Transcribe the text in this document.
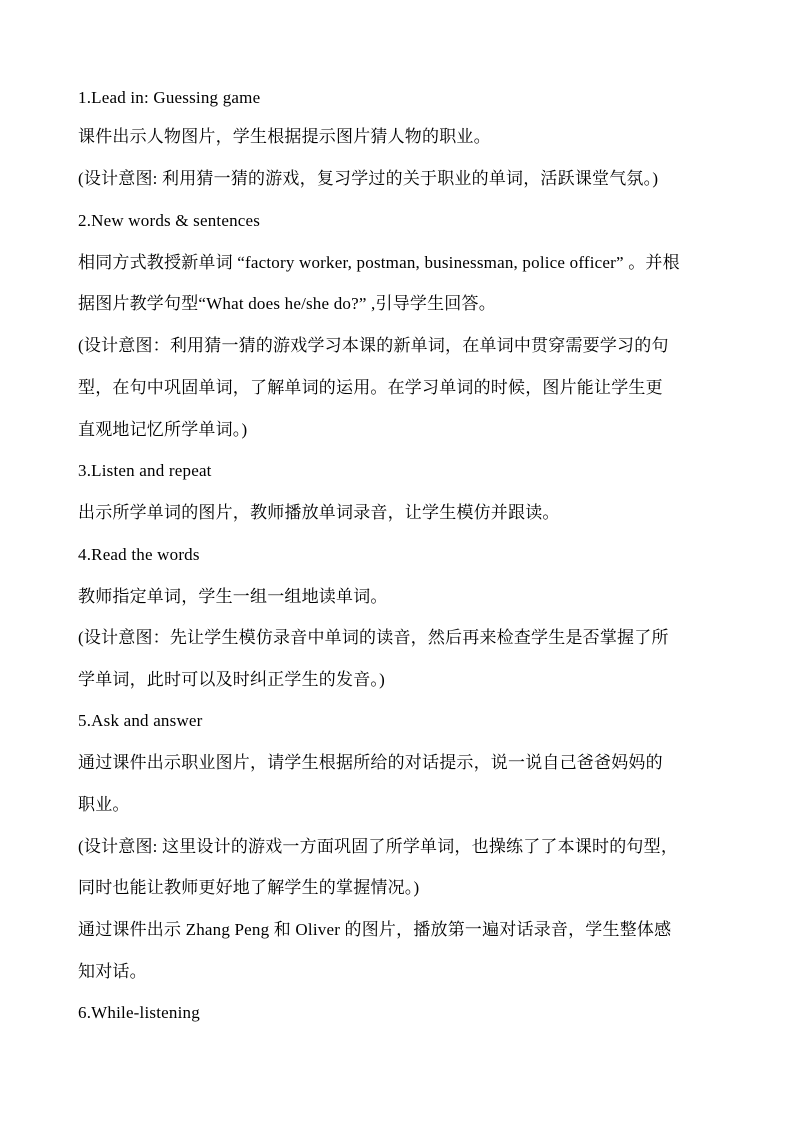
1.Lead in: Guessing game

课件出示人物图片，学生根据提示图片猜人物的职业。

(设计意图: 利用猜一猜的游戏，复习学过的关于职业的单词，活跃课堂气氛。)

2.New words & sentences

相同方式教授新单词 “factory worker, postman, businessman, police officer” 。并根

据图片教学句型“What does he/she do?” ,引导学生回答。

(设计意图：利用猜一猜的游戏学习本课的新单词，在单词中贯穿需要学习的句

型，在句中巩固单词，了解单词的运用。在学习单词的时候，图片能让学生更

直观地记忆所学单词。)

3.Listen and repeat

出示所学单词的图片，教师播放单词录音，让学生模仿并跟读。

4.Read the words

教师指定单词，学生一组一组地读单词。

(设计意图：先让学生模仿录音中单词的读音，然后再来检查学生是否掌握了所

学单词，此时可以及时纠正学生的发音。)

5.Ask and answer

通过课件出示职业图片，请学生根据所给的对话提示，说一说自己爸爸妈妈的

职业。

(设计意图: 这里设计的游戏一方面巩固了所学单词，也操练了了本课时的句型，

同时也能让教师更好地了解学生的掌握情况。)

通过课件出示 Zhang Peng 和 Oliver 的图片，播放第一遍对话录音，学生整体感

知对话。

6.While-listening
